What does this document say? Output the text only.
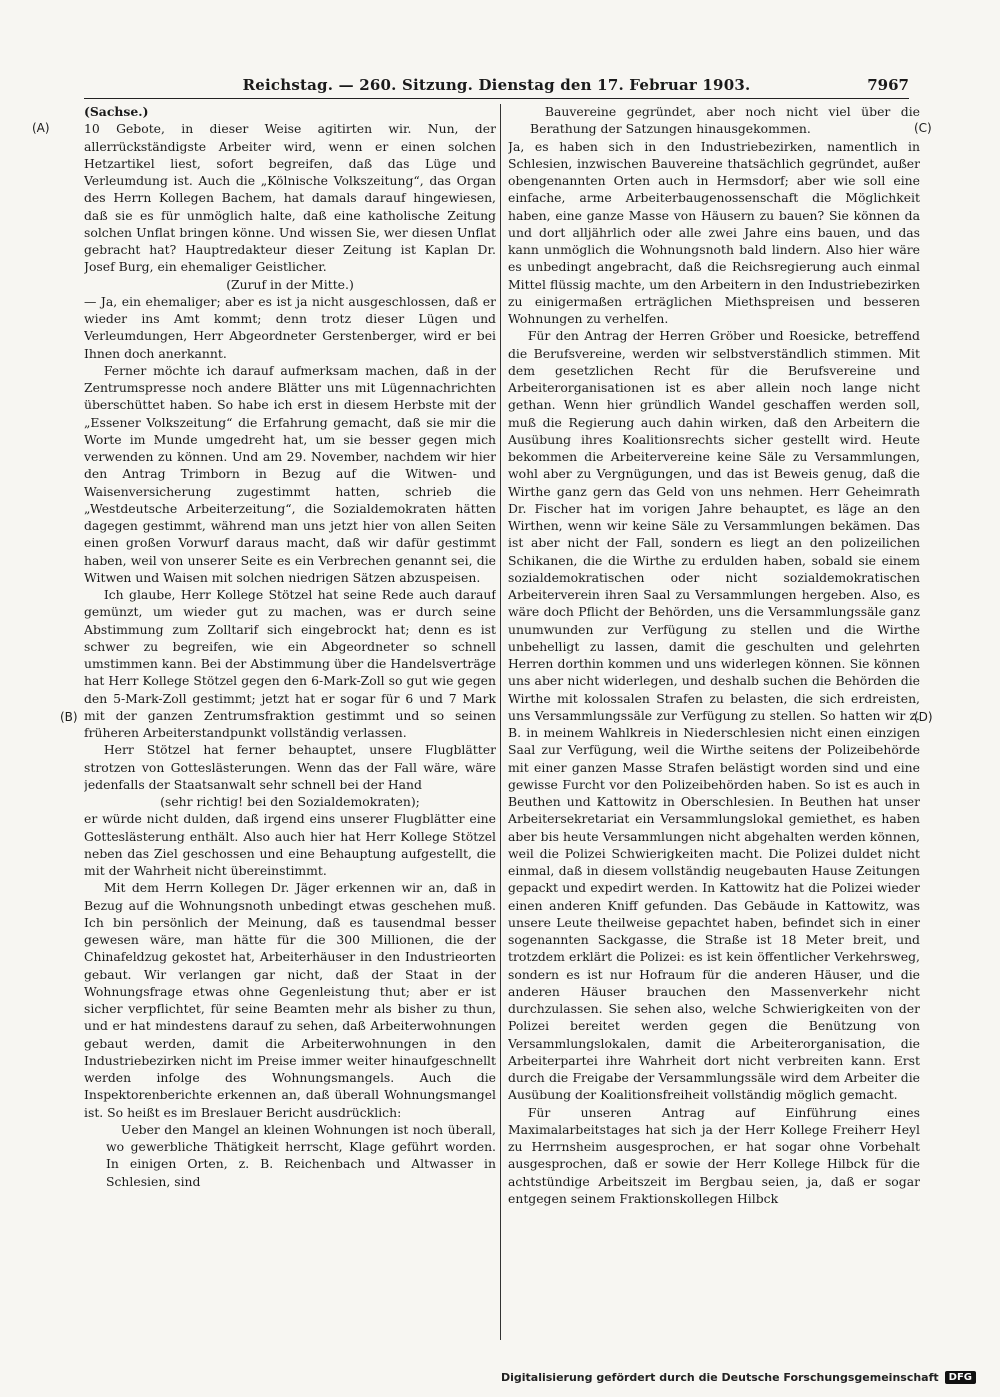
Reichstag. — 260. Sitzung. Dienstag den 17. Februar 1903.	7967
(A)
(B)
(C)
(D)

(Sachse.)

10 Gebote, in dieser Weise agitirten wir. Nun, der allerrückständigste Arbeiter wird, wenn er einen solchen Hetzartikel liest, sofort begreifen, daß das Lüge und Verleumdung ist. Auch die „Kölnische Volkszeitung“, das Organ des Herrn Kollegen Bachem, hat damals darauf hingewiesen, daß sie es für unmöglich halte, daß eine katholische Zeitung solchen Unflat bringen könne. Und wissen Sie, wer diesen Unflat gebracht hat? Hauptredakteur dieser Zeitung ist Kaplan Dr. Josef Burg, ein ehemaliger Geistlicher.

(Zuruf in der Mitte.)

— Ja, ein ehemaliger; aber es ist ja nicht ausgeschlossen, daß er wieder ins Amt kommt; denn trotz dieser Lügen und Verleumdungen, Herr Abgeordneter Gerstenberger, wird er bei Ihnen doch anerkannt.

Ferner möchte ich darauf aufmerksam machen, daß in der Zentrumspresse noch andere Blätter uns mit Lügennachrichten überschüttet haben. So habe ich erst in diesem Herbste mit der „Essener Volkszeitung“ die Erfahrung gemacht, daß sie mir die Worte im Munde umgedreht hat, um sie besser gegen mich verwenden zu können. Und am 29. November, nachdem wir hier den Antrag Trimborn in Bezug auf die Witwen- und Waisenversicherung zugestimmt hatten, schrieb die „Westdeutsche Arbeiterzeitung“, die Sozialdemokraten hätten dagegen gestimmt, während man uns jetzt hier von allen Seiten einen großen Vorwurf daraus macht, daß wir dafür gestimmt haben, weil von unserer Seite es ein Verbrechen genannt sei, die Witwen und Waisen mit solchen niedrigen Sätzen abzuspeisen.

Ich glaube, Herr Kollege Stötzel hat seine Rede auch darauf gemünzt, um wieder gut zu machen, was er durch seine Abstimmung zum Zolltarif sich eingebrockt hat; denn es ist schwer zu begreifen, wie ein Abgeordneter so schnell umstimmen kann. Bei der Abstimmung über die Handelsverträge hat Herr Kollege Stötzel gegen den 6-Mark-Zoll so gut wie gegen den 5-Mark-Zoll gestimmt; jetzt hat er sogar für 6 und 7 Mark mit der ganzen Zentrumsfraktion gestimmt und so seinen früheren Arbeiterstandpunkt vollständig verlassen.

Herr Stötzel hat ferner behauptet, unsere Flugblätter strotzen von Gotteslästerungen. Wenn das der Fall wäre, wäre jedenfalls der Staatsanwalt sehr schnell bei der Hand

(sehr richtig! bei den Sozialdemokraten);

er würde nicht dulden, daß irgend eins unserer Flugblätter eine Gotteslästerung enthält. Also auch hier hat Herr Kollege Stötzel neben das Ziel geschossen und eine Behauptung aufgestellt, die mit der Wahrheit nicht übereinstimmt.

Mit dem Herrn Kollegen Dr. Jäger erkennen wir an, daß in Bezug auf die Wohnungsnoth unbedingt etwas geschehen muß. Ich bin persönlich der Meinung, daß es tausendmal besser gewesen wäre, man hätte für die 300 Millionen, die der Chinafeldzug gekostet hat, Arbeiterhäuser in den Industrieorten gebaut. Wir verlangen gar nicht, daß der Staat in der Wohnungsfrage etwas ohne Gegenleistung thut; aber er ist sicher verpflichtet, für seine Beamten mehr als bisher zu thun, und er hat mindestens darauf zu sehen, daß Arbeiterwohnungen gebaut werden, damit die Arbeiterwohnungen in den Industriebezirken nicht im Preise immer weiter hinaufgeschnellt werden infolge des Wohnungsmangels. Auch die Inspektorenberichte erkennen an, daß überall Wohnungsmangel ist. So heißt es im Breslauer Bericht ausdrücklich:

Ueber den Mangel an kleinen Wohnungen ist noch überall, wo gewerbliche Thätigkeit herrscht, Klage geführt worden. In einigen Orten, z. B. Reichenbach und Altwasser in Schlesien, sind

Bauvereine gegründet, aber noch nicht viel über die Berathung der Satzungen hinausgekommen.

Ja, es haben sich in den Industriebezirken, namentlich in Schlesien, inzwischen Bauvereine thatsächlich gegründet, außer obengenannten Orten auch in Hermsdorf; aber wie soll eine einfache, arme Arbeiterbaugenossenschaft die Möglichkeit haben, eine ganze Masse von Häusern zu bauen? Sie können da und dort alljährlich oder alle zwei Jahre eins bauen, und das kann unmöglich die Wohnungsnoth bald lindern. Also hier wäre es unbedingt angebracht, daß die Reichsregierung auch einmal Mittel flüssig machte, um den Arbeitern in den Industriebezirken zu einigermaßen erträglichen Miethspreisen und besseren Wohnungen zu verhelfen.

Für den Antrag der Herren Gröber und Roesicke, betreffend die Berufsvereine, werden wir selbstverständlich stimmen. Mit dem gesetzlichen Recht für die Berufsvereine und Arbeiterorganisationen ist es aber allein noch lange nicht gethan. Wenn hier gründlich Wandel geschaffen werden soll, muß die Regierung auch dahin wirken, daß den Arbeitern die Ausübung ihres Koalitionsrechts sicher gestellt wird. Heute bekommen die Arbeitervereine keine Säle zu Versammlungen, wohl aber zu Vergnügungen, und das ist Beweis genug, daß die Wirthe ganz gern das Geld von uns nehmen. Herr Geheimrath Dr. Fischer hat im vorigen Jahre behauptet, es läge an den Wirthen, wenn wir keine Säle zu Versammlungen bekämen. Das ist aber nicht der Fall, sondern es liegt an den polizeilichen Schikanen, die die Wirthe zu erdulden haben, sobald sie einem sozialdemokratischen oder nicht sozialdemokratischen Arbeiterverein ihren Saal zu Versammlungen hergeben. Also, es wäre doch Pflicht der Behörden, uns die Versammlungssäle ganz unumwunden zur Verfügung zu stellen und die Wirthe unbehelligt zu lassen, damit die geschulten und gelehrten Herren dorthin kommen und uns widerlegen können. Sie können uns aber nicht widerlegen, und deshalb suchen die Behörden die Wirthe mit kolossalen Strafen zu belasten, die sich erdreisten, uns Versammlungssäle zur Verfügung zu stellen. So hatten wir z. B. in meinem Wahlkreis in Niederschlesien nicht einen einzigen Saal zur Verfügung, weil die Wirthe seitens der Polizeibehörde mit einer ganzen Masse Strafen belästigt worden sind und eine gewisse Furcht vor den Polizeibehörden haben. So ist es auch in Beuthen und Kattowitz in Oberschlesien. In Beuthen hat unser Arbeitersekretariat ein Versammlungslokal gemiethet, es haben aber bis heute Versammlungen nicht abgehalten werden können, weil die Polizei Schwierigkeiten macht. Die Polizei duldet nicht einmal, daß in diesem vollständig neugebauten Hause Zeitungen gepackt und expedirt werden. In Kattowitz hat die Polizei wieder einen anderen Kniff gefunden. Das Gebäude in Kattowitz, was unsere Leute theilweise gepachtet haben, befindet sich in einer sogenannten Sackgasse, die Straße ist 18 Meter breit, und trotzdem erklärt die Polizei: es ist kein öffentlicher Verkehrsweg, sondern es ist nur Hofraum für die anderen Häuser, und die anderen Häuser brauchen den Massenverkehr nicht durchzulassen. Sie sehen also, welche Schwierigkeiten von der Polizei bereitet werden gegen die Benützung von Versammlungslokalen, damit die Arbeiterorganisation, die Arbeiterpartei ihre Wahrheit dort nicht verbreiten kann. Erst durch die Freigabe der Versammlungssäle wird dem Arbeiter die Ausübung der Koalitionsfreiheit vollständig möglich gemacht.

Für unseren Antrag auf Einführung eines Maximalarbeitstages hat sich ja der Herr Kollege Freiherr Heyl zu Herrnsheim ausgesprochen, er hat sogar ohne Vorbehalt ausgesprochen, daß er sowie der Herr Kollege Hilbck für die achtstündige Arbeitszeit im Bergbau seien, ja, daß er sogar entgegen seinem Fraktionskollegen Hilbck

Digitalisierung gefördert durch die Deutsche Forschungsgemeinschaft	DFG
